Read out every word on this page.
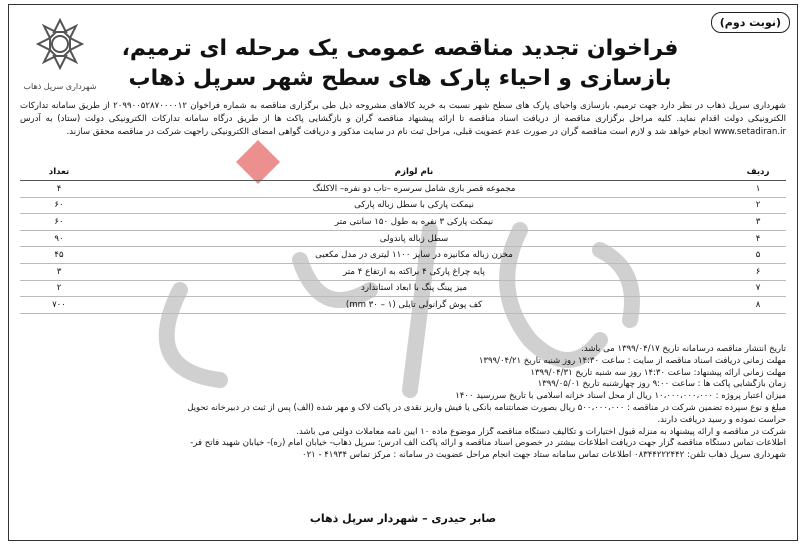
شهرداری سرپل ذهاب
(نوبت دوم)
فراخوان تجدید مناقصه عمومی یک مرحله ای ترمیم،
بازسازی و احیاء پارک های سطح شهر سرپل ذهاب
شهرداری سرپل ذهاب در نظر دارد جهت ترمیم، بازسازی واحیای پارک های سطح شهر نسبت به خرید کالاهای مشروحه ذیل طی برگزاری مناقصه به شماره فراخوان ۲۰۹۹۰۰۵۲۸۷۰۰۰۰۱۲ از طریق سامانه تدارکات الکترونیکی دولت اقدام نماید. کلیه مراحل برگزاری مناقصه از دریافت اسناد مناقصه تا ارائه پیشنهاد مناقصه گران و بازگشایی پاکت ها از طریق درگاه سامانه تدارکات الکترونیکی دولت (ستاد) به آدرس www.setadiran.ir انجام خواهد شد و لازم است مناقصه گران در صورت عدم عضویت قبلی، مراحل ثبت نام در سایت مذکور و دریافت گواهی امضای الکترونیکی راجهت شرکت در مناقصه محقق سازند.
ردیف	نام لوازم	تعداد
۱	مجموعه قصر بازی شامل سرسره –تاب دو نفره– الاکلنگ	۴
۲	نیمکت پارکی با سطل زباله پارکی	۶۰
۳	نیمکت پارکی ۳ نفره به طول ۱۵۰ سانتی متر	۶۰
۴	سطل زباله پاندولی	۹۰
۵	مخزن زباله مکانیزه در سایز ۱۱۰۰ لیتری در مدل مکعبی	۴۵
۶	پایه چراغ پارکی ۴ براکته به ارتفاع ۴ متر	۳
۷	میز پینگ پنگ با ابعاد استاندارد	۲
۸	کف پوش گرانولی تایلی (۱ – mm ۳۰)	۷۰۰
تاریخ انتشار مناقصه درسامانه تاریخ ۱۳۹۹/۰۴/۱۷ می باشد.
مهلت زمانی دریافت اسناد مناقصه از سایت : ساعت ۱۴:۳۰ روز شنبه تاریخ ۱۳۹۹/۰۴/۲۱
مهلت زمانی ارائه پیشنهاد: ساعت ۱۴:۳۰ روز سه شنبه تاریخ ۱۳۹۹/۰۴/۳۱
زمان بازگشایی پاکت ها : ساعت ۹:۰۰ روز چهارشنبه تاریخ ۱۳۹۹/۰۵/۰۱
میزان اعتبار پروژه : ۱۰،۰۰۰،۰۰۰،۰۰۰ ریال از محل اسناد خزانه اسلامی با تاریخ سررسید ۱۴۰۰
مبلغ و نوع سپرده تضمین شرکت در مناقصه : ۵۰۰،۰۰۰،۰۰۰ ریال بصورت ضمانتنامه بانکی یا فیش واریز نقدی در پاکت لاک و مهر شده (الف) پس از ثبت در دبیرخانه تحویل
حراست نموده و رسید دریافت دارند.
شرکت در مناقصه و ارائه پیشنهاد به منزله قبول اختیارات و تکالیف دستگاه مناقصه گزار موضوع ماده ۱۰ آیین نامه معاملات دولتی می باشد.
اطلاعات تماس دستگاه مناقصه گزار جهت دریافت اطلاعات بیشتر در خصوص اسناد مناقصه و ارائه پاکت الف آدرس: سرپل ذهاب- خیابان امام (ره)- خیابان شهید فاتح فر-
شهرداری سرپل ذهاب تلفن: ۰۸۳۴۴۲۲۲۴۴۲ اطلاعات تماس سامانه ستاد جهت انجام مراحل عضویت در سامانه : مرکز تماس ۴۱۹۳۴ - ۰۲۱
صابر حیدری – شهردار سرپل ذهاب
